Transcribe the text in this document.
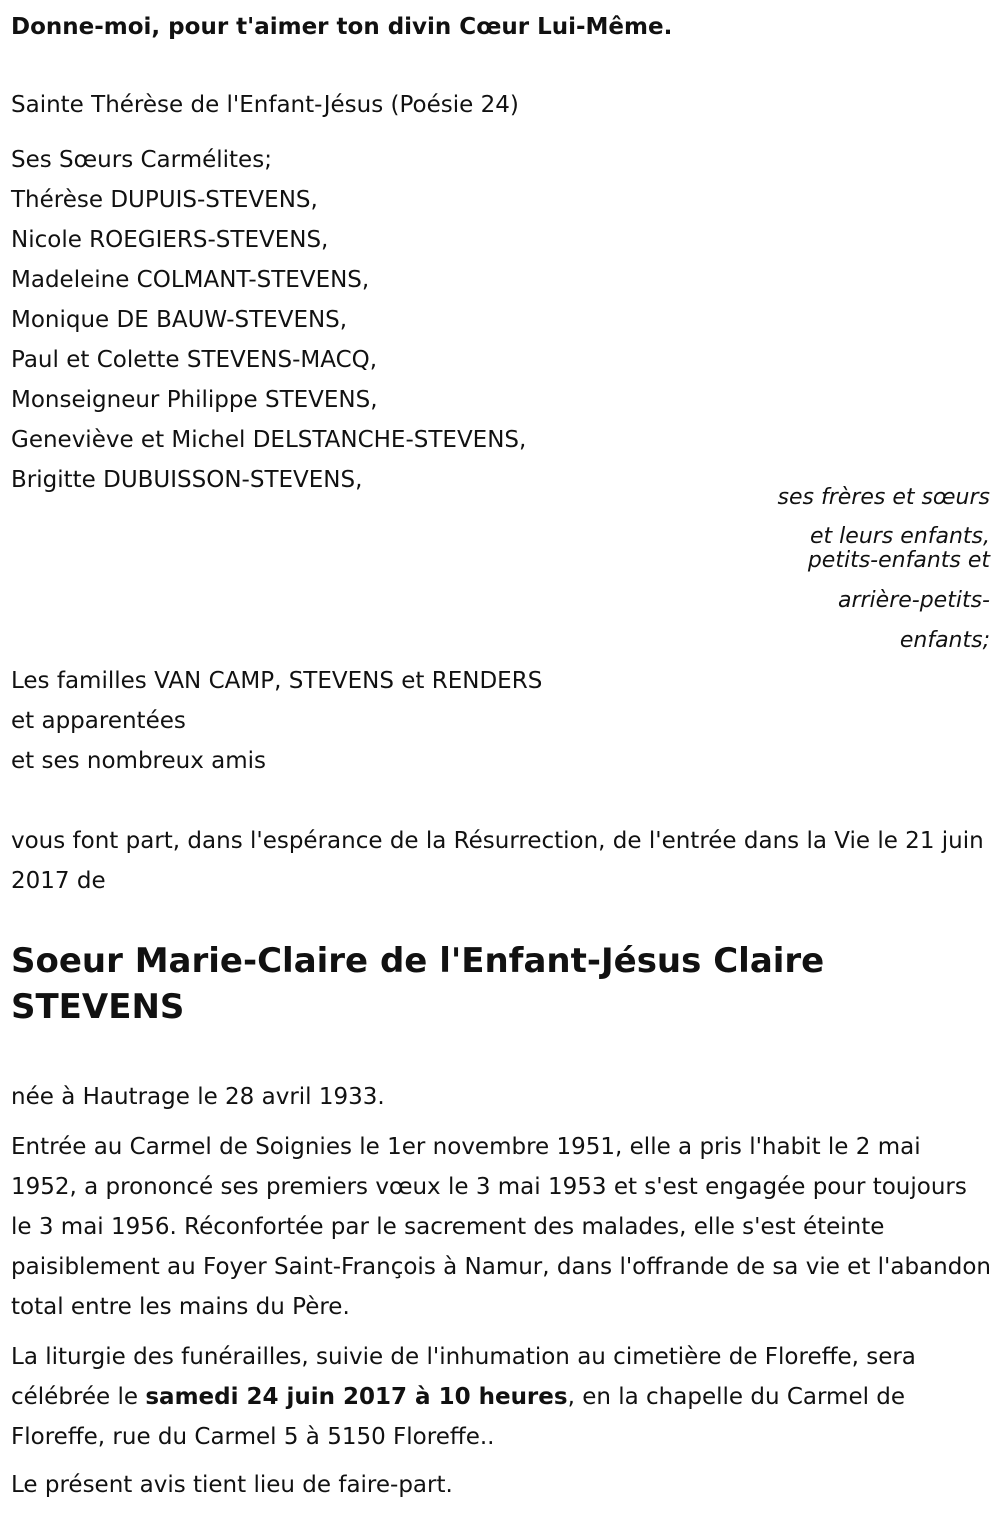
Donne-moi, pour t'aimer ton divin Cœur Lui-Même.
Sainte Thérèse de l'Enfant-Jésus (Poésie 24)
Ses Sœurs Carmélites;
Thérèse DUPUIS-STEVENS,
Nicole ROEGIERS-STEVENS,
Madeleine COLMANT-STEVENS,
Monique DE BAUW-STEVENS,
Paul et Colette STEVENS-MACQ,
Monseigneur Philippe STEVENS,
Geneviève et Michel DELSTANCHE-STEVENS,
Brigitte DUBUISSON-STEVENS,
ses frères et sœurs
et leurs enfants,
petits-enfants et
arrière-petits-
enfants;
Les familles VAN CAMP, STEVENS et RENDERS
et apparentées
et ses nombreux amis
vous font part, dans l'espérance de la Résurrection, de l'entrée dans la Vie le 21 juin 2017 de
Soeur Marie-Claire de l'Enfant-Jésus Claire STEVENS
née à Hautrage le 28 avril 1933.

Entrée au Carmel de Soignies le 1er novembre 1951, elle a pris l'habit le 2 mai 1952, a prononcé ses premiers vœux le 3 mai 1953 et s'est engagée pour toujours le 3 mai 1956. Réconfortée par le sacrement des malades, elle s'est éteinte paisiblement au Foyer Saint-François à Namur, dans l'offrande de sa vie et l'abandon total entre les mains du Père.

La liturgie des funérailles, suivie de l'inhumation au cimetière de Floreffe, sera célébrée le samedi 24 juin 2017 à 10 heures, en la chapelle du Carmel de Floreffe, rue du Carmel 5 à 5150 Floreffe..

Le présent avis tient lieu de faire-part.
